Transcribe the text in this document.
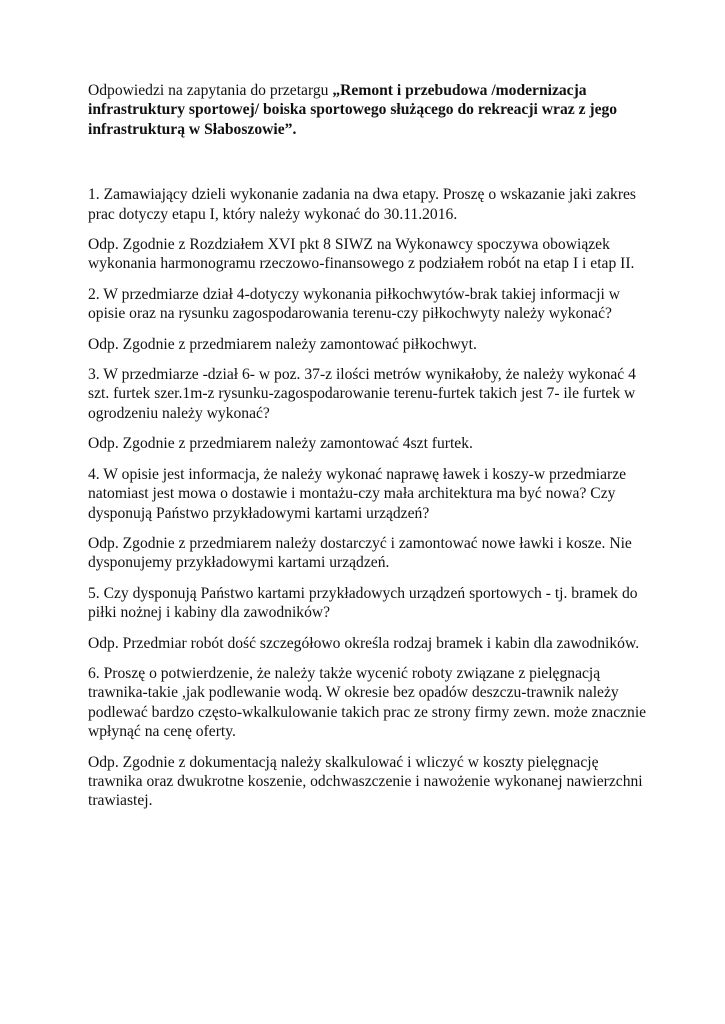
Odpowiedzi na zapytania do przetargu „Remont i przebudowa /modernizacja infrastruktury sportowej/ boiska sportowego służącego do rekreacji wraz z jego infrastrukturą w Słaboszowie”.

1. Zamawiający dzieli wykonanie zadania na dwa etapy. Proszę o wskazanie jaki zakres prac dotyczy etapu I, który należy wykonać do 30.11.2016.

Odp. Zgodnie z Rozdziałem XVI pkt 8 SIWZ na Wykonawcy spoczywa obowiązek wykonania harmonogramu rzeczowo-finansowego z podziałem robót na etap I i etap II.

2. W przedmiarze dział 4-dotyczy wykonania piłkochwytów-brak takiej informacji w opisie oraz na rysunku zagospodarowania terenu-czy piłkochwyty należy wykonać?

Odp. Zgodnie z przedmiarem należy zamontować piłkochwyt.

3. W przedmiarze -dział 6- w poz. 37-z ilości metrów wynikałoby, że należy wykonać 4 szt. furtek szer.1m-z rysunku-zagospodarowanie terenu-furtek takich jest 7- ile furtek w ogrodzeniu należy wykonać?

Odp. Zgodnie z przedmiarem należy zamontować 4szt furtek.

4. W opisie jest informacja, że należy wykonać naprawę ławek i koszy-w przedmiarze natomiast jest mowa o dostawie i montażu-czy mała architektura ma być nowa? Czy dysponują Państwo przykładowymi kartami urządzeń?

Odp. Zgodnie z przedmiarem należy dostarczyć i zamontować nowe ławki i kosze. Nie dysponujemy przykładowymi kartami urządzeń.

5. Czy dysponują Państwo kartami przykładowych urządzeń sportowych - tj. bramek do piłki nożnej i kabiny dla zawodników?

Odp. Przedmiar robót dość szczegółowo określa rodzaj bramek i kabin dla zawodników.

6. Proszę o potwierdzenie, że należy także wycenić roboty związane z pielęgnacją trawnika-takie ,jak podlewanie wodą. W okresie bez opadów deszczu-trawnik należy podlewać bardzo często-wkalkulowanie takich prac ze strony firmy zewn. może znacznie wpłynąć na cenę oferty.

Odp. Zgodnie z dokumentacją należy skalkulować i wliczyć w koszty pielęgnację trawnika oraz dwukrotne koszenie, odchwaszczenie i nawożenie wykonanej nawierzchni trawiastej.
